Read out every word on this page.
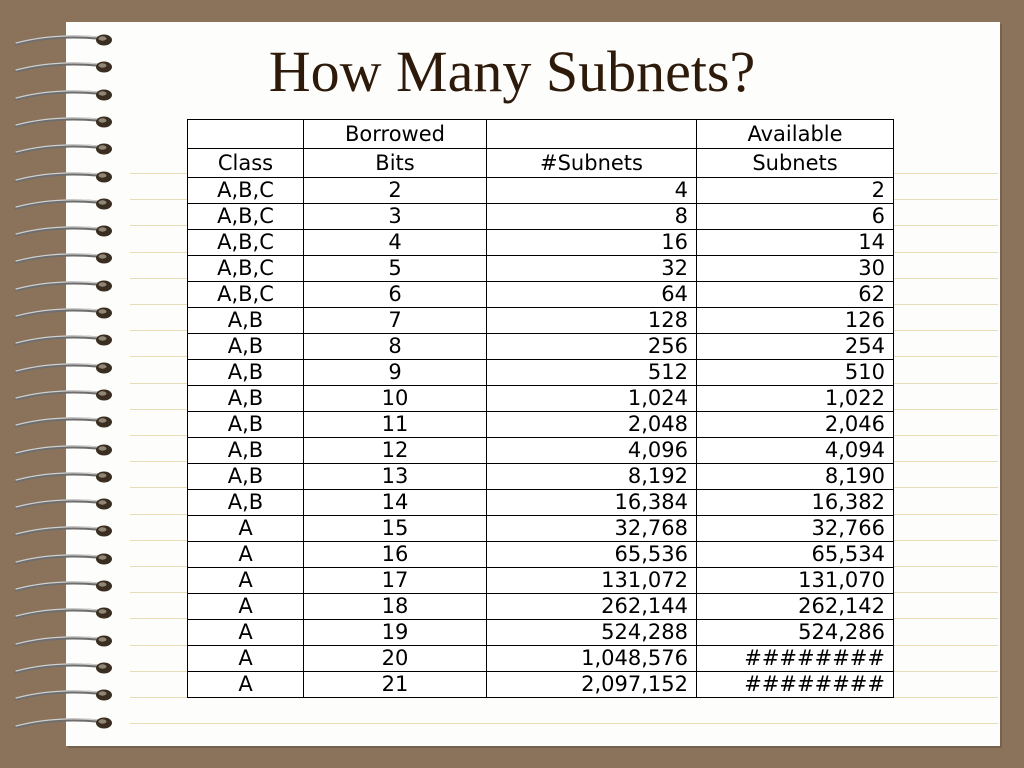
How Many Subnets?
	Borrowed		Available
Class	Bits	#Subnets	Subnets
A,B,C	2	4	2
A,B,C	3	8	6
A,B,C	4	16	14
A,B,C	5	32	30
A,B,C	6	64	62
A,B	7	128	126
A,B	8	256	254
A,B	9	512	510
A,B	10	1,024	1,022
A,B	11	2,048	2,046
A,B	12	4,096	4,094
A,B	13	8,192	8,190
A,B	14	16,384	16,382
A	15	32,768	32,766
A	16	65,536	65,534
A	17	131,072	131,070
A	18	262,144	262,142
A	19	524,288	524,286
A	20	1,048,576	########
A	21	2,097,152	########
